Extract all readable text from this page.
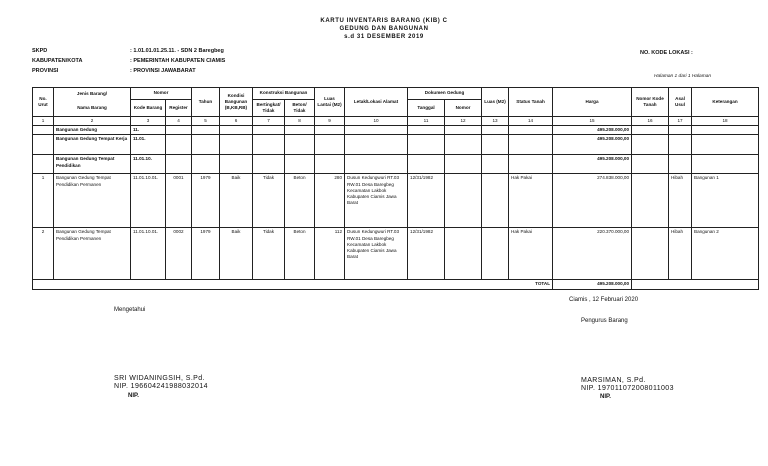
KARTU INVENTARIS BARANG (KIB) C
GEDUNG DAN BANGUNAN
s.d 31 DESEMBER 2019
SKPD	: 1.01.01.01.25.11. - SDN 2 Baregbeg
KABUPATEN/KOTA	: PEMERINTAH KABUPATEN CIAMIS
PROVINSI	: PROVINSI JAWABARAT
NO. KODE LOKASI :
Halaman 1 dari 1 Halaman
No. Urut	Jenis Barang/	Nomor		Tahun	Kondisi Bangunan (B,KB,RB)	Konstruksi Bangunan		Luas Lantai (M2)	Letak/Lokasi Alamat	Dokumen Gedung		Luas (M2)	Status Tanah	Harga	Nomor Kode Tanah	Asal Usul	Keterangan
	Nama Barang	Kode Barang	Register			Bertingkat/ Tidak	Beton/ Tidak			Tanggal	Nomor						
1	2	3	4	5	6	7	8	9	10	11	12	13	14	15	16	17	18
	Bangunan Gedung	11.												495.208.000,00			
	Bangunan Gedung Tempat Kerja	11.01.												495.208.000,00			
	Bangunan Gedung Tempat Pendidikan	11.01.10.												495.208.000,00			
1	Bangunan Gedung Tempat Pendidikan Permanen	11.01.10.01.	0001	1979	Baik	Tidak	Beton	280	Dusun Kedungwuri RT.03 RW.01 Desa Baregbeg Kecamatan Lakbok Kabupaten Ciamis Jawa Barat	12/31/1982			Hak Pakai	274.838.000,00		Hibah	Bangunan 1
2	Bangunan Gedung Tempat Pendidikan Permanen	11.01.10.01.	0002	1979	Baik	Tidak	Beton	112	Dusun Kedungwuri RT.03 RW.01 Desa Baregbeg Kecamatan Lakbok Kabupaten Ciamis Jawa Barat	12/31/1982			Hak Pakai	220.370.000,00		Hibah	Bangunan 2
TOTAL														495.208.000,00			
Ciamis , 12 Februari 2020
Mengetahui
Pengurus Barang
SRI WIDANINGSIH, S.Pd.
NIP. 196604241988032014
NIP.
MARSIMAN, S.Pd.
NIP. 197011072008011003
NIP.
